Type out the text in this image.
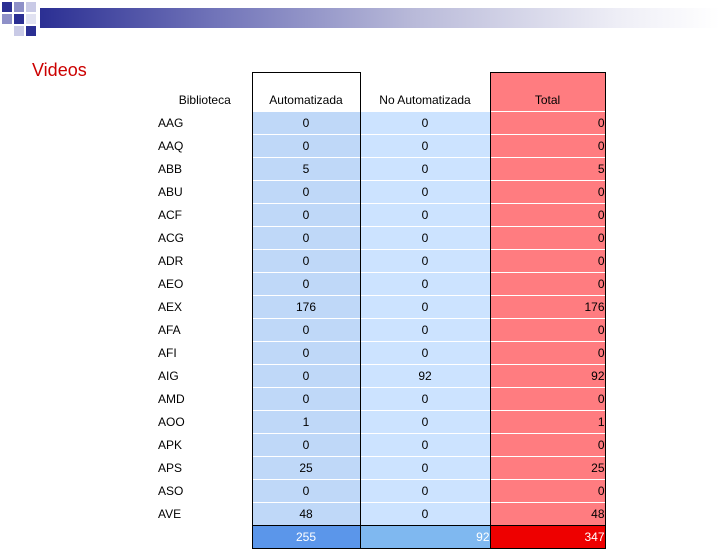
Videos
Biblioteca	Automatizada	No Automatizada	Total
AAG	0	0	0
AAQ	0	0	0
ABB	5	0	5
ABU	0	0	0
ACF	0	0	0
ACG	0	0	0
ADR	0	0	0
AEO	0	0	0
AEX	176	0	176
AFA	0	0	0
AFI	0	0	0
AIG	0	92	92
AMD	0	0	0
AOO	1	0	1
APK	0	0	0
APS	25	0	25
ASO	0	0	0
AVE	48	0	48
	255	92	347
